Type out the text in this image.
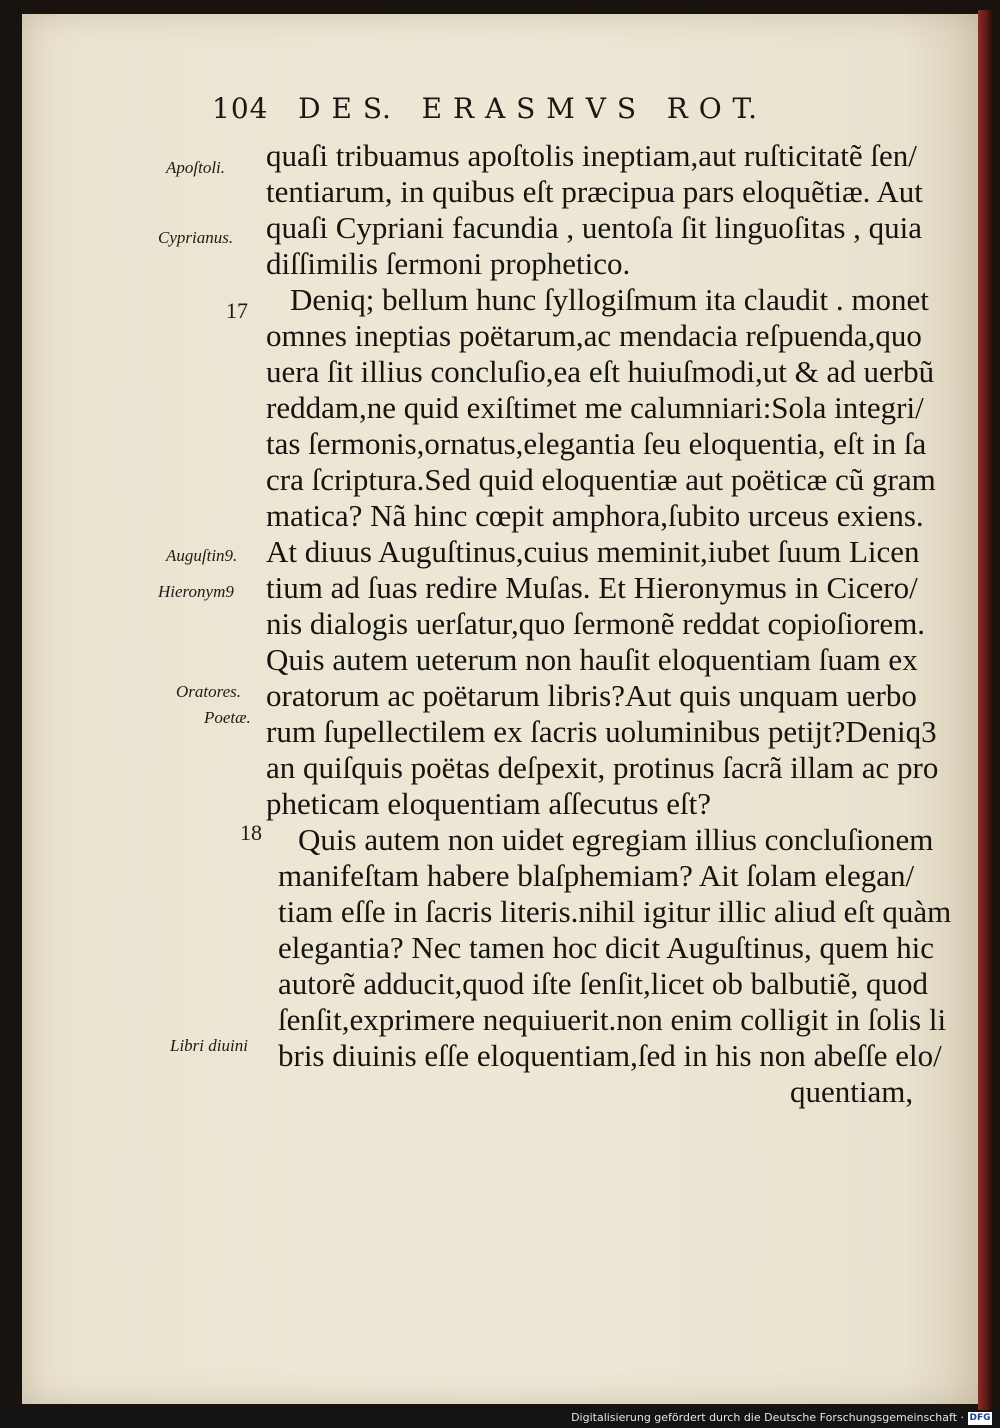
104   D E S.   E R A S M V S   R O T.
Apoſtoli.
Cyprianus.
Auguſtin9.
Hieronym9
Oratores.
Poetæ.
Libri diuini
17
18
quaſi tribuamus apoſtolis ineptiam,aut ruſticitatẽ ſen/
tentiarum, in quibus eſt præcipua pars eloquẽtiæ. Aut
quaſi Cypriani facundia , uentoſa ſit linguoſitas , quia
diſſimilis ſermoni prophetico.
Deniq; bellum hunc ſyllogiſmum ita claudit . monet
omnes ineptias poëtarum,ac mendacia reſpuenda,quo
uera ſit illius concluſio,ea eſt huiuſmodi,ut & ad uerbũ
reddam,ne quid exiſtimet me calumniari:Sola integri/
tas ſermonis,ornatus,elegantia ſeu eloquentia, eſt in ſa
cra ſcriptura.Sed quid eloquentiæ aut poëticæ cũ gram
matica? Nã hinc cœpit amphora,ſubito urceus exiens.
At diuus Auguſtinus,cuius meminit,iubet ſuum Licen
tium ad ſuas redire Muſas. Et Hieronymus in Cicero/
nis dialogis uerſatur,quo ſermonẽ reddat copioſiorem.
Quis autem ueterum non hauſit eloquentiam ſuam ex
oratorum ac poëtarum libris?Aut quis unquam uerbo
rum ſupellectilem ex ſacris uoluminibus petijt?Deniq3
an quiſquis poëtas deſpexit, protinus ſacrã illam ac pro
pheticam eloquentiam aſſecutus eſt?
Quis autem non uidet egregiam illius concluſionem
manifeſtam habere blaſphemiam? Ait ſolam elegan/
tiam eſſe in ſacris literis.nihil igitur illic aliud eſt quàm
elegantia? Nec tamen hoc dicit Auguſtinus, quem hic
autorẽ adducit,quod iſte ſenſit,licet ob balbutiẽ, quod
ſenſit,exprimere nequiuerit.non enim colligit in ſolis li
bris diuinis eſſe eloquentiam,ſed in his non abeſſe elo/
quentiam,
Digitalisierung gefördert durch die Deutsche Forschungsgemeinschaft · DFG
